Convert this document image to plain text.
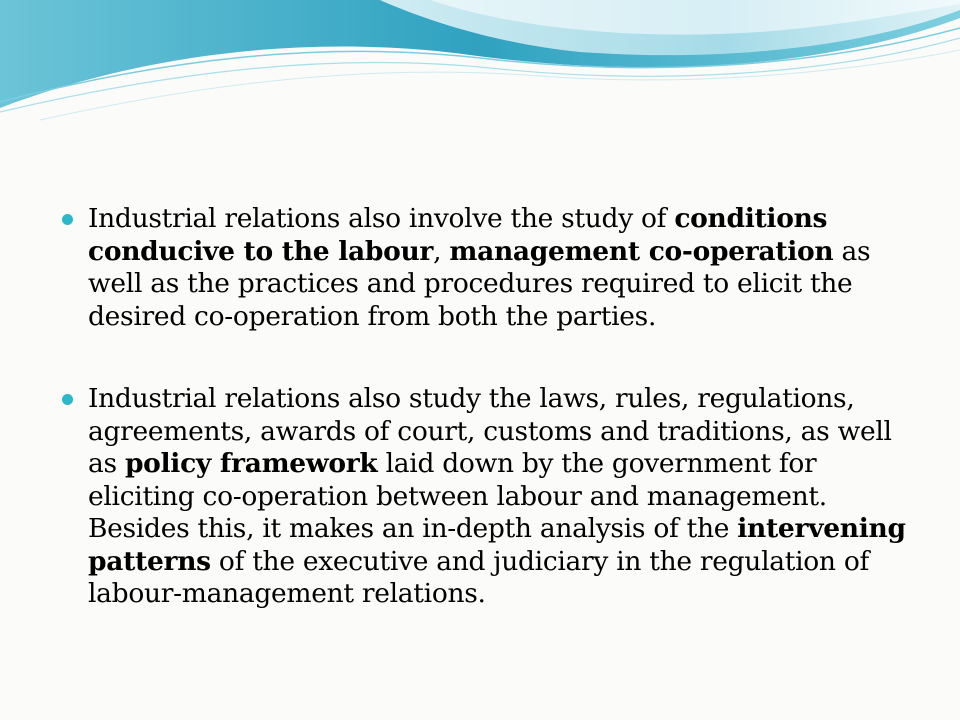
Industrial relations also involve the study of conditions conducive to the labour, management co-operation as well as the practices and procedures required to elicit the desired co-operation from both the parties.
Industrial relations also study the laws, rules, regulations, agreements, awards of court, customs and traditions, as well as policy framework laid down by the government for eliciting co-operation between labour and management. Besides this, it makes an in-depth analysis of the intervening patterns of the executive and judiciary in the regulation of labour-management relations.
